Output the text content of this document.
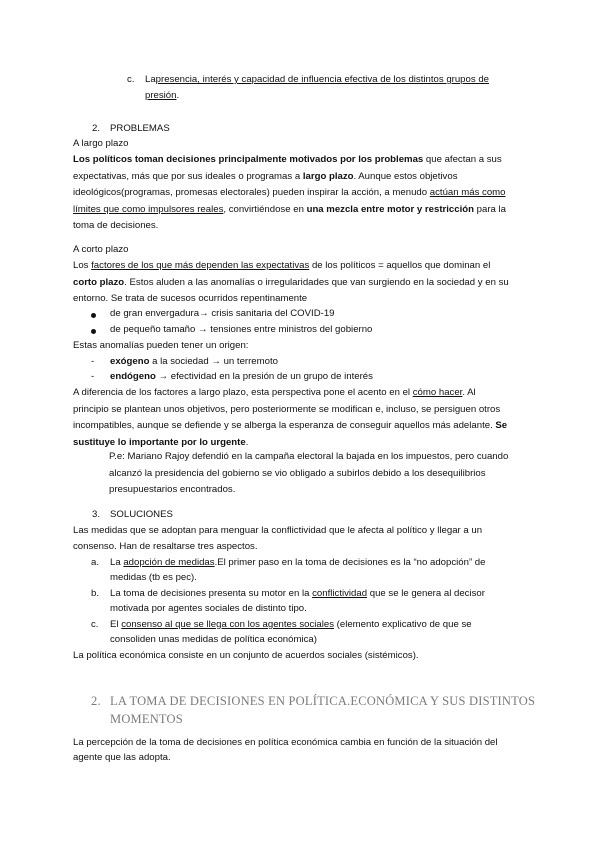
c. Lapresencia, interés y capacidad de influencia efectiva de los distintos grupos de
presión.
2. PROBLEMAS
A largo plazo
Los políticos toman decisiones principalmente motivados por los problemas que afectan a sus
expectativas, más que por sus ideales o programas a largo plazo. Aunque estos objetivos
ideológicos(programas, promesas electorales) pueden inspirar la acción, a menudo actúan más como
límites que como impulsores reales, convirtiéndose en una mezcla entre motor y restricción para la
toma de decisiones.
A corto plazo
Los factores de los que más dependen las expectativas de los políticos = aquellos que dominan el
corto plazo. Estos aluden a las anomalías o irregularidades que van surgiendo en la sociedad y en su
entorno. Se trata de sucesos ocurridos repentinamente
de gran envergadura→ crisis sanitaria del COVID-19
de pequeño tamaño → tensiones entre ministros del gobierno
Estas anomalías pueden tener un origen:
- exógeno a la sociedad → un terremoto
- endógeno → efectividad en la presión de un grupo de interés
A diferencia de los factores a largo plazo, esta perspectiva pone el acento en el cómo hacer. Al
principio se plantean unos objetivos, pero posteriormente se modifican e, incluso, se persiguen otros
incompatibles, aunque se defiende y se alberga la esperanza de conseguir aquellos más adelante. Se
sustituye lo importante por lo urgente.
P.e: Mariano Rajoy defendió en la campaña electoral la bajada en los impuestos, pero cuando
alcanzó la presidencia del gobierno se vio obligado a subirlos debido a los desequilibrios
presupuestarios encontrados.
3. SOLUCIONES
Las medidas que se adoptan para menguar la conflictividad que le afecta al político y llegar a un
consenso. Han de resaltarse tres aspectos.
a. La adopción de medidas.El primer paso en la toma de decisiones es la “no adopción” de
medidas (tb es pec).
b. La toma de decisiones presenta su motor en la conflictividad que se le genera al decisor
motivada por agentes sociales de distinto tipo.
c. El consenso al que se llega con los agentes sociales (elemento explicativo de que se
consoliden unas medidas de política económica)
La política económica consiste en un conjunto de acuerdos sociales (sistémicos).
2. LA TOMA DE DECISIONES EN POLÍTICA.ECONÓMICA Y SUS DISTINTOS
MOMENTOS
La percepción de la toma de decisiones en política económica cambia en función de la situación del
agente que las adopta.
